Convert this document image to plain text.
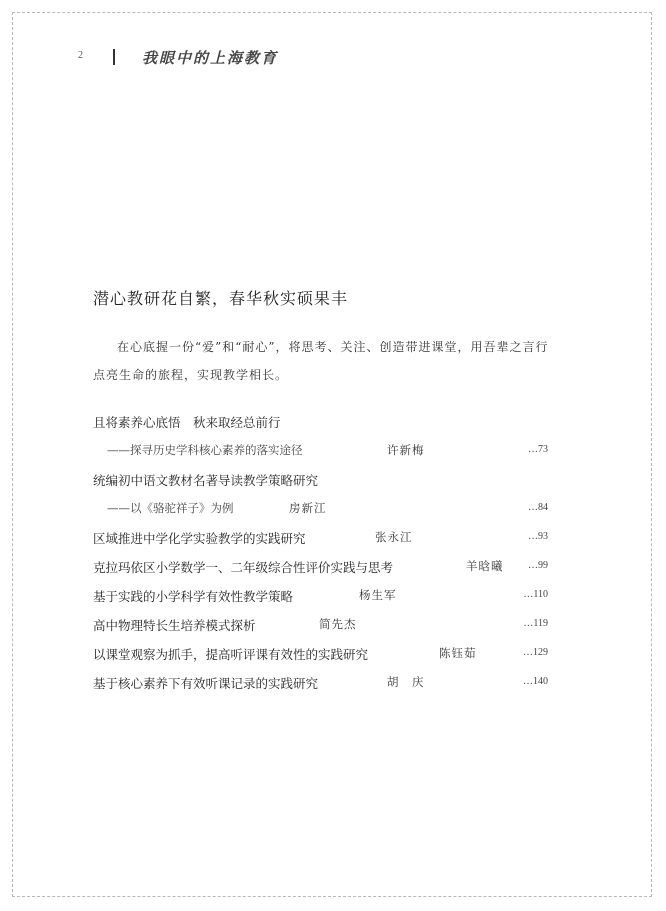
2	我眼中的上海教育
潜心教研花自繁，春华秋实硕果丰

在心底握一份“爱”和“耐心”，将思考、关注、创造带进课堂，用吾辈之言行点亮生命的旅程，实现教学相长。

且将素养心底悟　秋来取经总前行
——探寻历史学科核心素养的落实途径	许新梅	…73
统编初中语文教材名著导读教学策略研究
——以《骆驼祥子》为例	房新江	…84
区域推进中学化学实验教学的实践研究	张永江	…93
克拉玛依区小学数学一、二年级综合性评价实践与思考	羊晗曦 …99
基于实践的小学科学有效性教学策略	杨生军	…110
高中物理特长生培养模式探析	简先杰	…119
以课堂观察为抓手，提高听评课有效性的实践研究	陈钰茹	…129
基于核心素养下有效听课记录的实践研究	胡　庆	…140
